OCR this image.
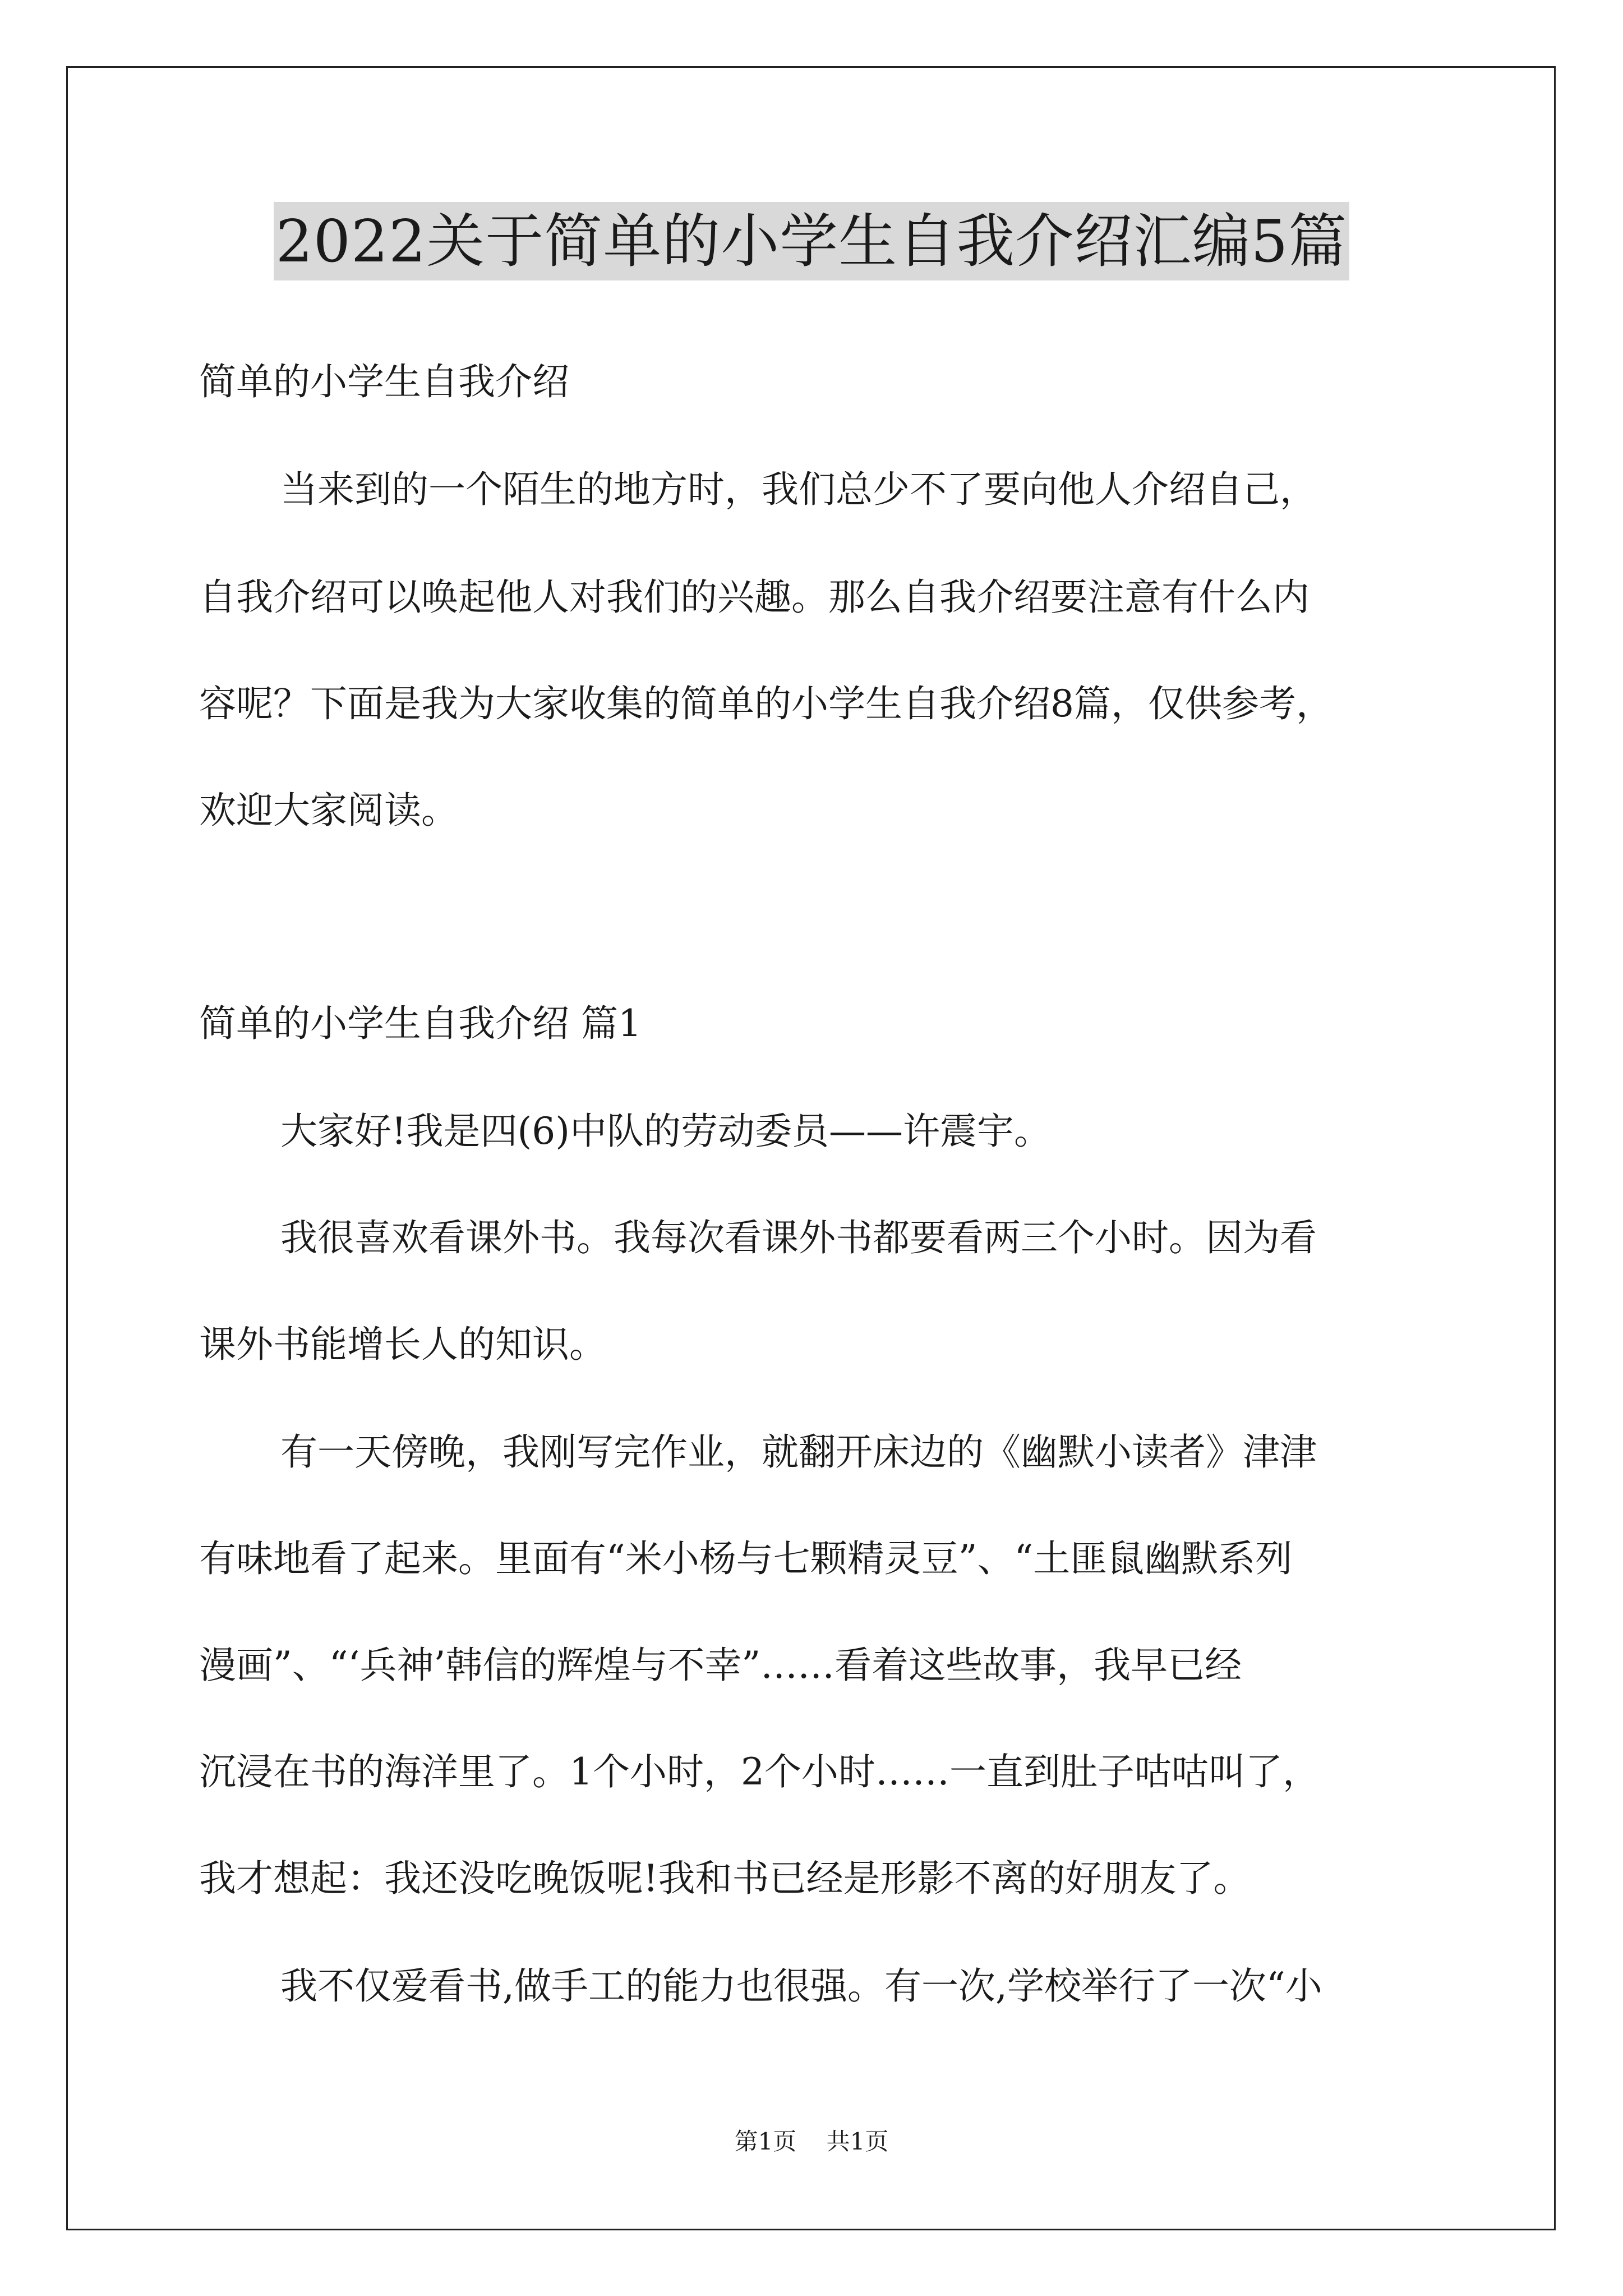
2022关于简单的小学生自我介绍汇编5篇
简单的小学生自我介绍
当来到的一个陌生的地方时，我们总少不了要向他人介绍自己，
自我介绍可以唤起他人对我们的兴趣。那么自我介绍要注意有什么内
容呢？下面是我为大家收集的简单的小学生自我介绍8篇，仅供参考，
欢迎大家阅读。
简单的小学生自我介绍 篇1
大家好!我是四(6)中队的劳动委员——许震宇。
我很喜欢看课外书。我每次看课外书都要看两三个小时。因为看
课外书能增长人的知识。
有一天傍晚，我刚写完作业，就翻开床边的《幽默小读者》津津
有味地看了起来。里面有“米小杨与七颗精灵豆”、“土匪鼠幽默系列
漫画”、“‘兵神’韩信的辉煌与不幸”……看着这些故事，我早已经
沉浸在书的海洋里了。1个小时，2个小时……一直到肚子咕咕叫了，
我才想起：我还没吃晚饭呢!我和书已经是形影不离的好朋友了。
我不仅爱看书,做手工的能力也很强。有一次,学校举行了一次“小
第1页 共1页
